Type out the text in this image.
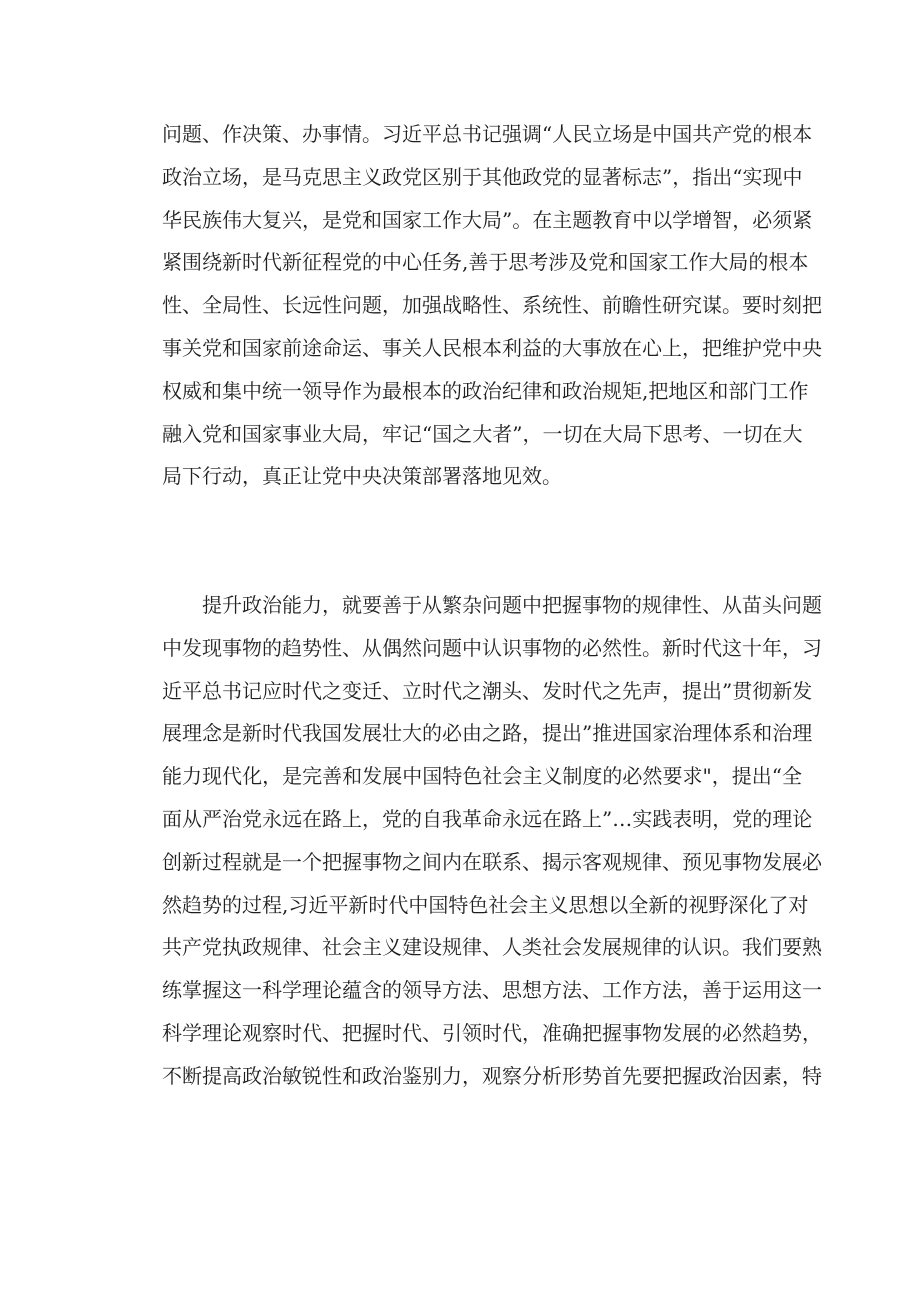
问题、作决策、办事情。习近平总书记强调“人民立场是中国共产党的根本
政治立场，是马克思主义政党区别于其他政党的显著标志”，指出“实现中
华民族伟大复兴，是党和国家工作大局”。在主题教育中以学增智，必须紧
紧围绕新时代新征程党的中心任务,善于思考涉及党和国家工作大局的根本
性、全局性、长远性问题，加强战略性、系统性、前瞻性研究谋。要时刻把
事关党和国家前途命运、事关人民根本利益的大事放在心上，把维护党中央
权威和集中统一领导作为最根本的政治纪律和政治规矩,把地区和部门工作
融入党和国家事业大局，牢记“国之大者”，一切在大局下思考、一切在大
局下行动，真正让党中央决策部署落地见效。

提升政治能力，就要善于从繁杂问题中把握事物的规律性、从苗头问题
中发现事物的趋势性、从偶然问题中认识事物的必然性。新时代这十年，习
近平总书记应时代之变迁、立时代之潮头、发时代之先声，提出”贯彻新发
展理念是新时代我国发展壮大的必由之路，提出”推进国家治理体系和治理
能力现代化，是完善和发展中国特色社会主义制度的必然要求"，提出“全
面从严治党永远在路上，党的自我革命永远在路上”…实践表明，党的理论
创新过程就是一个把握事物之间内在联系、揭示客观规律、预见事物发展必
然趋势的过程,习近平新时代中国特色社会主义思想以全新的视野深化了对
共产党执政规律、社会主义建设规律、人类社会发展规律的认识。我们要熟
练掌握这一科学理论蕴含的领导方法、思想方法、工作方法，善于运用这一
科学理论观察时代、把握时代、引领时代，准确把握事物发展的必然趋势，
不断提高政治敏锐性和政治鉴别力，观察分析形势首先要把握政治因素，特
